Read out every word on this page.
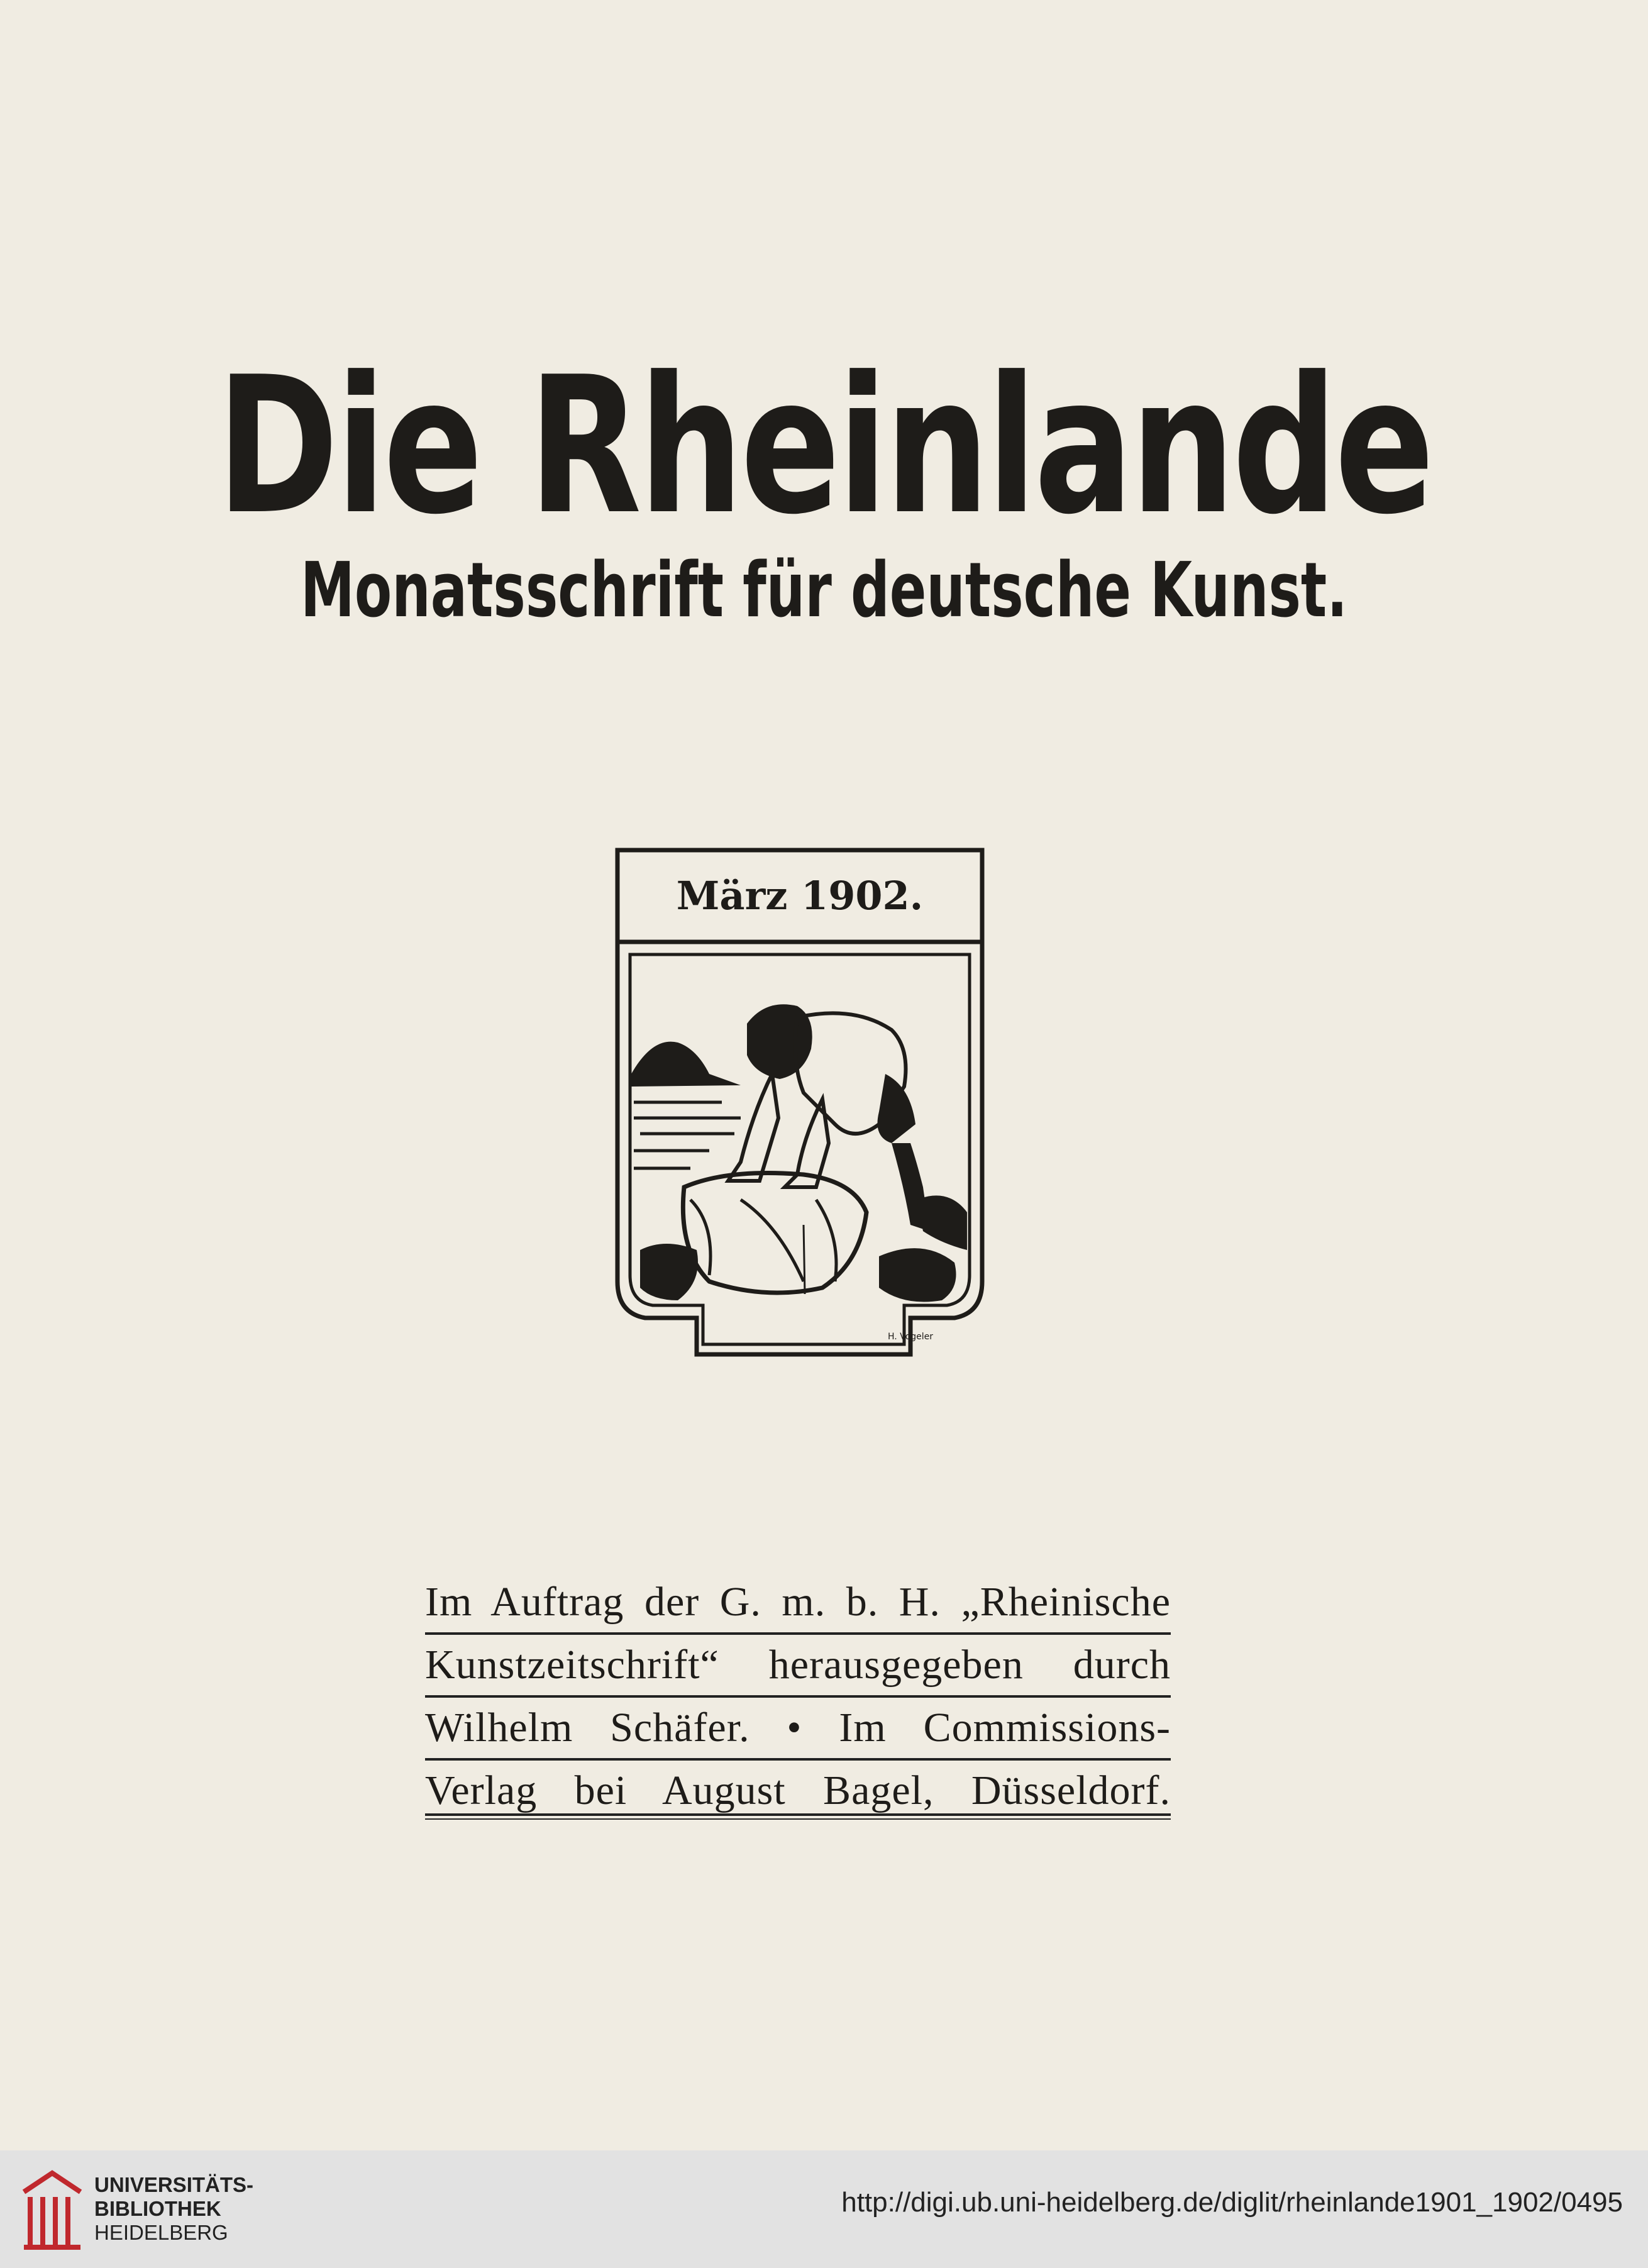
Die Rheinlande
Monatsschrift für deutsche Kunst.
März 1902.
H. Vogeler
Im Auftrag der G. m. b. H. „Rheinische
Kunstzeitschrift“ herausgegeben durch
Wilhelm Schäfer. • Im Commissions-
Verlag bei August Bagel, Düsseldorf.
UNIVERSITÄTS-
BIBLIOTHEK
HEIDELBERG
http://digi.ub.uni-heidelberg.de/diglit/rheinlande1901_1902/0495
